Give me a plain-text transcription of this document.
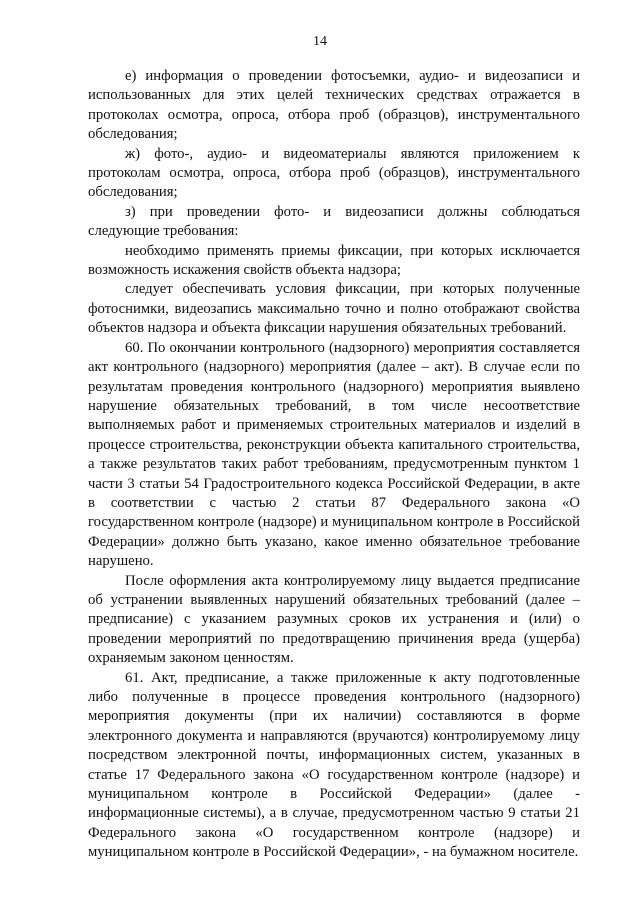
14

е) информация о проведении фотосъемки, аудио- и видеозаписи и использованных для этих целей технических средствах отражается в протоколах осмотра, опроса, отбора проб (образцов), инструментального обследования;

ж) фото-, аудио- и видеоматериалы являются приложением к протоколам осмотра, опроса, отбора проб (образцов), инструментального обследования;

з) при проведении фото- и видеозаписи должны соблюдаться следующие требования:

необходимо применять приемы фиксации, при которых исключается возможность искажения свойств объекта надзора;

следует обеспечивать условия фиксации, при которых полученные фотоснимки, видеозапись максимально точно и полно отображают свойства объектов надзора и объекта фиксации нарушения обязательных требований.

60. По окончании контрольного (надзорного) мероприятия составляется акт контрольного (надзорного) мероприятия (далее – акт). В случае если по результатам проведения контрольного (надзорного) мероприятия выявлено нарушение обязательных требований, в том числе несоответствие выполняемых работ и применяемых строительных материалов и изделий в процессе строительства, реконструкции объекта капитального строительства, а также результатов таких работ требованиям, предусмотренным пунктом 1 части 3 статьи 54 Градостроительного кодекса Российской Федерации, в акте в соответствии с частью 2 статьи 87 Федерального закона «О государственном контроле (надзоре) и муниципальном контроле в Российской Федерации» должно быть указано, какое именно обязательное требование нарушено.

После оформления акта контролируемому лицу выдается предписание об устранении выявленных нарушений обязательных требований (далее – предписание) с указанием разумных сроков их устранения и (или) о проведении мероприятий по предотвращению причинения вреда (ущерба) охраняемым законом ценностям.

61. Акт, предписание, а также приложенные к акту подготовленные либо полученные в процессе проведения контрольного (надзорного) мероприятия документы (при их наличии) составляются в форме электронного документа и направляются (вручаются) контролируемому лицу посредством электронной почты, информационных систем, указанных в статье 17 Федерального закона «О государственном контроле (надзоре) и муниципальном контроле в Российской Федерации» (далее - информационные системы), а в случае, предусмотренном частью 9 статьи 21 Федерального закона «О государственном контроле (надзоре) и муниципальном контроле в Российской Федерации», - на бумажном носителе.
